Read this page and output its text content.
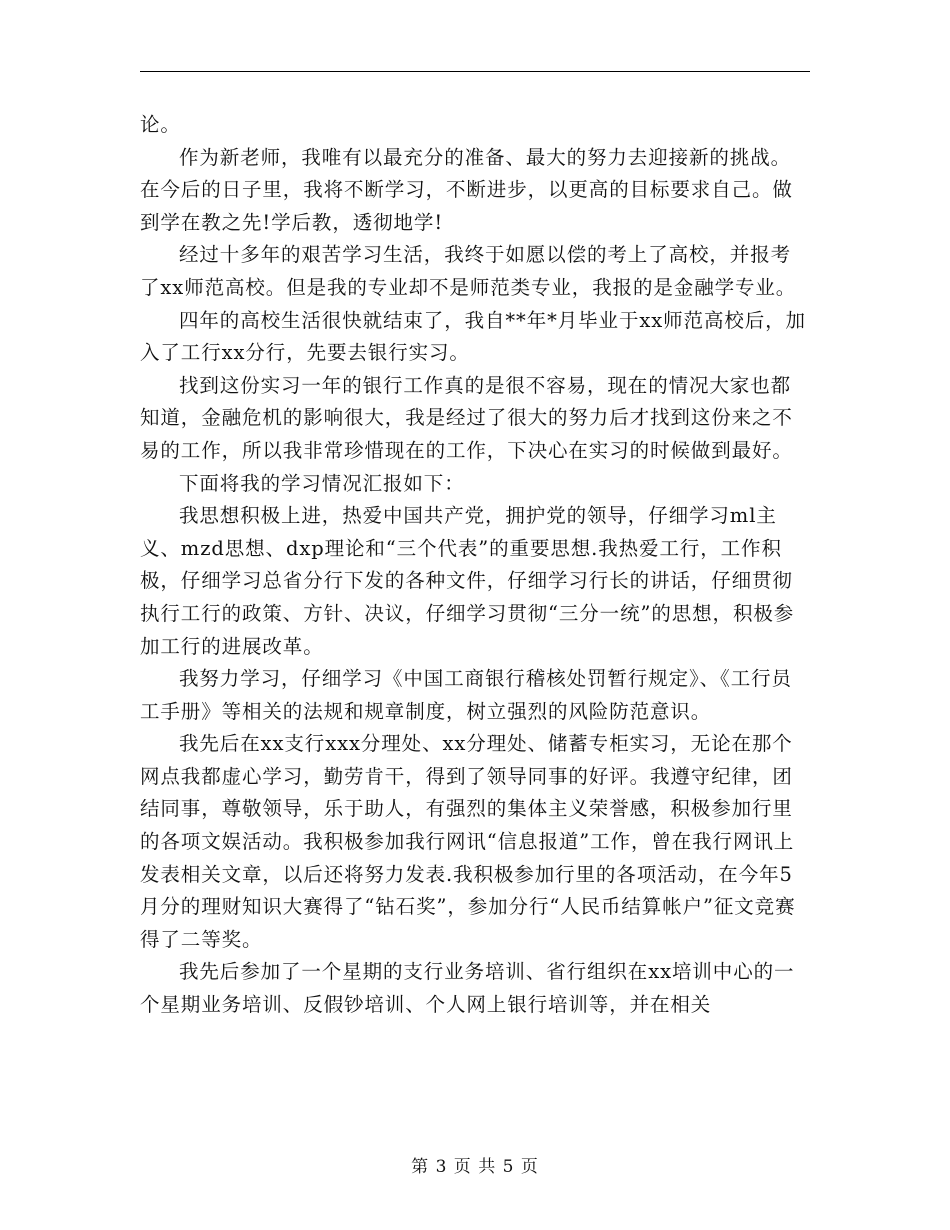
论。

作为新老师，我唯有以最充分的准备、最大的努力去迎接新的挑战。在今后的日子里，我将不断学习，不断进步，以更高的目标要求自己。做到学在教之先!学后教，透彻地学!

经过十多年的艰苦学习生活，我终于如愿以偿的考上了高校，并报考了xx师范高校。但是我的专业却不是师范类专业，我报的是金融学专业。

四年的高校生活很快就结束了，我自**年*月毕业于xx师范高校后，加入了工行xx分行，先要去银行实习。

找到这份实习一年的银行工作真的是很不容易，现在的情况大家也都知道，金融危机的影响很大，我是经过了很大的努力后才找到这份来之不易的工作，所以我非常珍惜现在的工作，下决心在实习的时候做到最好。

下面将我的学习情况汇报如下：

我思想积极上进，热爱中国共产党，拥护党的领导，仔细学习ml主义、mzd思想、dxp理论和“三个代表”的重要思想.我热爱工行，工作积极，仔细学习总省分行下发的各种文件，仔细学习行长的讲话，仔细贯彻执行工行的政策、方针、决议，仔细学习贯彻“三分一统”的思想，积极参加工行的进展改革。

我努力学习，仔细学习《中国工商银行稽核处罚暂行规定》、《工行员工手册》等相关的法规和规章制度，树立强烈的风险防范意识。

我先后在xx支行xxx分理处、xx分理处、储蓄专柜实习，无论在那个网点我都虚心学习，勤劳肯干，得到了领导同事的好评。我遵守纪律，团结同事，尊敬领导，乐于助人，有强烈的集体主义荣誉感，积极参加行里的各项文娱活动。我积极参加我行网讯“信息报道”工作，曾在我行网讯上发表相关文章，以后还将努力发表.我积极参加行里的各项活动，在今年5月分的理财知识大赛得了“钻石奖”，参加分行“人民币结算帐户”征文竞赛得了二等奖。

我先后参加了一个星期的支行业务培训、省行组织在xx培训中心的一个星期业务培训、反假钞培训、个人网上银行培训等，并在相关

第 3 页 共 5 页
